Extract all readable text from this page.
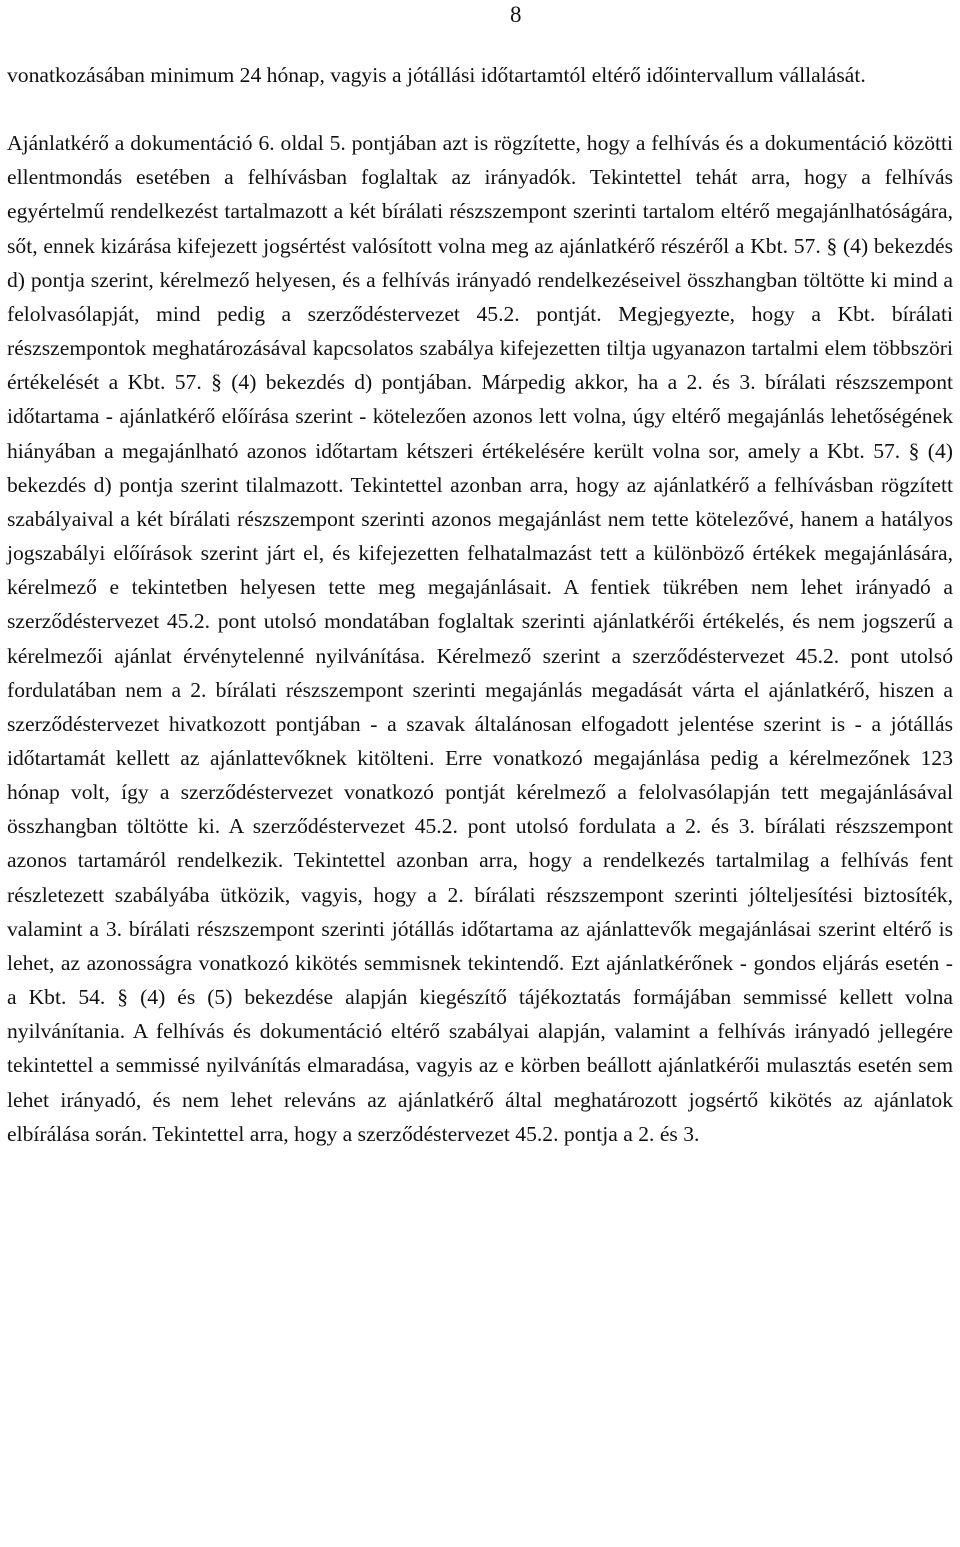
8

vonatkozásában minimum 24 hónap, vagyis a jótállási időtartamtól eltérő időintervallum vállalását.

Ajánlatkérő a dokumentáció 6. oldal 5. pontjában azt is rögzítette, hogy a felhívás és a dokumentáció közötti ellentmondás esetében a felhívásban foglaltak az irányadók. Tekintettel tehát arra, hogy a felhívás egyértelmű rendelkezést tartalmazott a két bírálati részszempont szerinti tartalom eltérő megajánlhatóságára, sőt, ennek kizárása kifejezett jogsértést valósított volna meg az ajánlatkérő részéről a Kbt. 57. § (4) bekezdés d) pontja szerint, kérelmező helyesen, és a felhívás irányadó rendelkezéseivel összhangban töltötte ki mind a felolvasólapját, mind pedig a szerződéstervezet 45.2. pontját. Megjegyezte, hogy a Kbt. bírálati részszempontok meghatározásával kapcsolatos szabálya kifejezetten tiltja ugyanazon tartalmi elem többszöri értékelését a Kbt. 57. § (4) bekezdés d) pontjában. Márpedig akkor, ha a 2. és 3. bírálati részszempont időtartama - ajánlatkérő előírása szerint - kötelezően azonos lett volna, úgy eltérő megajánlás lehetőségének hiányában a megajánlható azonos időtartam kétszeri értékelésére került volna sor, amely a Kbt. 57. § (4) bekezdés d) pontja szerint tilalmazott. Tekintettel azonban arra, hogy az ajánlatkérő a felhívásban rögzített szabályaival a két bírálati részszempont szerinti azonos megajánlást nem tette kötelezővé, hanem a hatályos jogszabályi előírások szerint járt el, és kifejezetten felhatalmazást tett a különböző értékek megajánlására, kérelmező e tekintetben helyesen tette meg megajánlásait. A fentiek tükrében nem lehet irányadó a szerződéstervezet 45.2. pont utolsó mondatában foglaltak szerinti ajánlatkérői értékelés, és nem jogszerű a kérelmezői ajánlat érvénytelenné nyilvánítása. Kérelmező szerint a szerződéstervezet 45.2. pont utolsó fordulatában nem a 2. bírálati részszempont szerinti megajánlás megadását várta el ajánlatkérő, hiszen a szerződéstervezet hivatkozott pontjában - a szavak általánosan elfogadott jelentése szerint is - a jótállás időtartamát kellett az ajánlattevőknek kitölteni. Erre vonatkozó megajánlása pedig a kérelmezőnek 123 hónap volt, így a szerződéstervezet vonatkozó pontját kérelmező a felolvasólapján tett megajánlásával összhangban töltötte ki. A szerződéstervezet 45.2. pont utolsó fordulata a 2. és 3. bírálati részszempont azonos tartamáról rendelkezik. Tekintettel azonban arra, hogy a rendelkezés tartalmilag a felhívás fent részletezett szabályába ütközik, vagyis, hogy a 2. bírálati részszempont szerinti jólteljesítési biztosíték, valamint a 3. bírálati részszempont szerinti jótállás időtartama az ajánlattevők megajánlásai szerint eltérő is lehet, az azonosságra vonatkozó kikötés semmisnek tekintendő. Ezt ajánlatkérőnek - gondos eljárás esetén - a Kbt. 54. § (4) és (5) bekezdése alapján kiegészítő tájékoztatás formájában semmissé kellett volna nyilvánítania. A felhívás és dokumentáció eltérő szabályai alapján, valamint a felhívás irányadó jellegére tekintettel a semmissé nyilvánítás elmaradása, vagyis az e körben beállott ajánlatkérői mulasztás esetén sem lehet irányadó, és nem lehet releváns az ajánlatkérő által meghatározott jogsértő kikötés az ajánlatok elbírálása során. Tekintettel arra, hogy a szerződéstervezet 45.2. pontja a 2. és 3.
